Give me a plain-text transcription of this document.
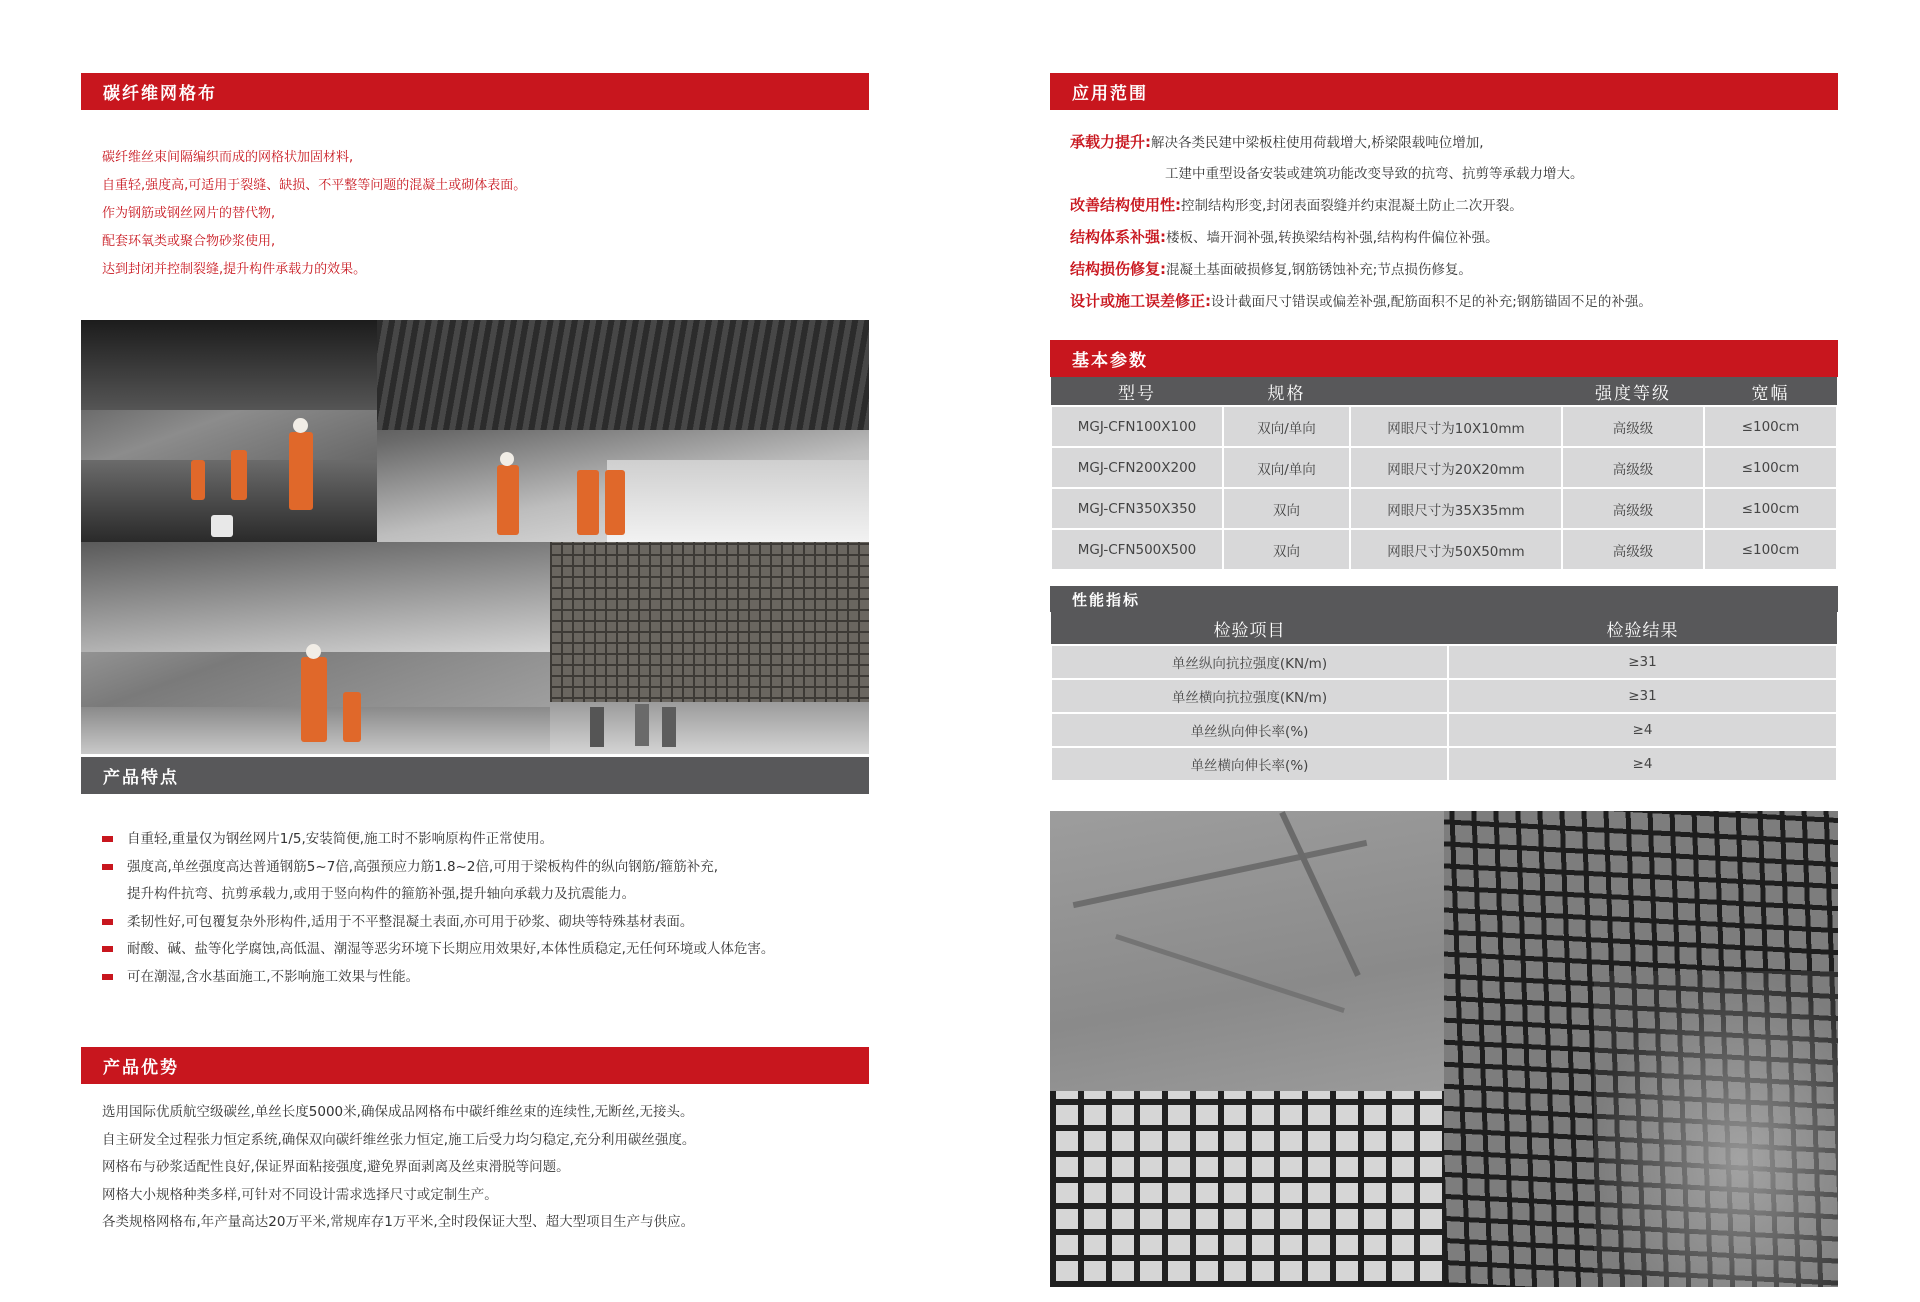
碳纤维网格布
碳纤维丝束间隔编织而成的网格状加固材料,
自重轻,强度高,可适用于裂缝、缺损、不平整等问题的混凝土或砌体表面。
作为钢筋或钢丝网片的替代物,
配套环氧类或聚合物砂浆使用,
达到封闭并控制裂缝,提升构件承载力的效果。
产品特点
自重轻,重量仅为钢丝网片1/5,安装简便,施工时不影响原构件正常使用。
强度高,单丝强度高达普通钢筋5~7倍,高强预应力筋1.8~2倍,可用于梁板构件的纵向钢筋/箍筋补充,
提升构件抗弯、抗剪承载力,或用于竖向构件的箍筋补强,提升轴向承载力及抗震能力。
柔韧性好,可包覆复杂外形构件,适用于不平整混凝土表面,亦可用于砂浆、砌块等特殊基材表面。
耐酸、碱、盐等化学腐蚀,高低温、潮湿等恶劣环境下长期应用效果好,本体性质稳定,无任何环境或人体危害。
可在潮湿,含水基面施工,不影响施工效果与性能。
产品优势
选用国际优质航空级碳丝,单丝长度5000米,确保成品网格布中碳纤维丝束的连续性,无断丝,无接头。
自主研发全过程张力恒定系统,确保双向碳纤维丝张力恒定,施工后受力均匀稳定,充分利用碳丝强度。
网格布与砂浆适配性良好,保证界面粘接强度,避免界面剥离及丝束滑脱等问题。
网格大小规格种类多样,可针对不同设计需求选择尺寸或定制生产。
各类规格网格布,年产量高达20万平米,常规库存1万平米,全时段保证大型、超大型项目生产与供应。
应用范围
承载力提升:解决各类民建中梁板柱使用荷载增大,桥梁限载吨位增加,
工建中重型设备安装或建筑功能改变导致的抗弯、抗剪等承载力增大。
改善结构使用性:控制结构形变,封闭表面裂缝并约束混凝土防止二次开裂。
结构体系补强:楼板、墙开洞补强,转换梁结构补强,结构构件偏位补强。
结构损伤修复:混凝土基面破损修复,钢筋锈蚀补充;节点损伤修复。
设计或施工误差修正:设计截面尺寸错误或偏差补强,配筋面积不足的补充;钢筋锚固不足的补强。
基本参数
型号	规格		强度等级	宽幅
MGJ-CFN100X100	双向/单向	网眼尺寸为10X10mm	高级级	≤100cm
MGJ-CFN200X200	双向/单向	网眼尺寸为20X20mm	高级级	≤100cm
MGJ-CFN350X350	双向	网眼尺寸为35X35mm	高级级	≤100cm
MGJ-CFN500X500	双向	网眼尺寸为50X50mm	高级级	≤100cm
性能指标
检验项目	检验结果
单丝纵向抗拉强度(KN/m)	≥31
单丝横向抗拉强度(KN/m)	≥31
单丝纵向伸长率(%)	≥4
单丝横向伸长率(%)	≥4
